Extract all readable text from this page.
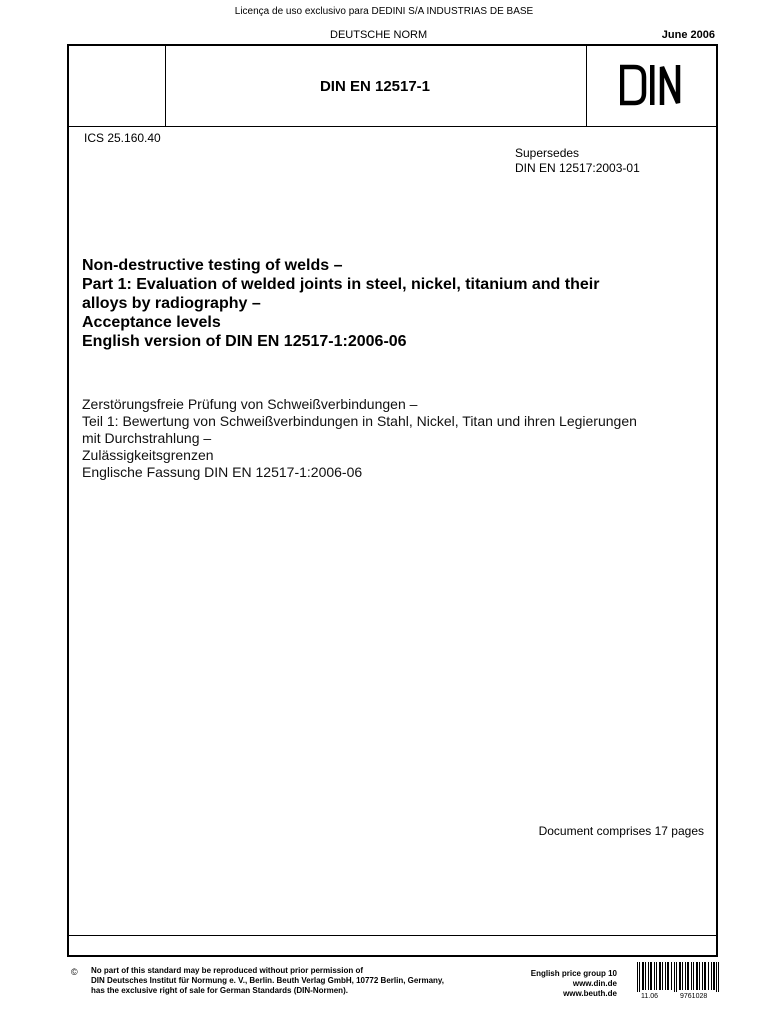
Licença de uso exclusivo para DEDINI S/A INDUSTRIAS DE BASE
DEUTSCHE NORM	June 2006
DIN EN 12517-1
DIN
ICS 25.160.40
Supersedes
DIN EN 12517:2003-01
Non-destructive testing of welds –
Part 1: Evaluation of welded joints in steel, nickel, titanium and their
alloys by radiography –
Acceptance levels
English version of DIN EN 12517-1:2006-06
Zerstörungsfreie Prüfung von Schweißverbindungen –
Teil 1: Bewertung von Schweißverbindungen in Stahl, Nickel, Titan und ihren Legierungen
mit Durchstrahlung –
Zulässigkeitsgrenzen
Englische Fassung DIN EN 12517-1:2006-06
Document comprises 17 pages
© No part of this standard may be reproduced without prior permission of
DIN Deutsches Institut für Normung e. V., Berlin. Beuth Verlag GmbH, 10772 Berlin, Germany,
has the exclusive right of sale for German Standards (DIN-Normen).
English price group 10
www.din.de
www.beuth.de	11.06	9761028
